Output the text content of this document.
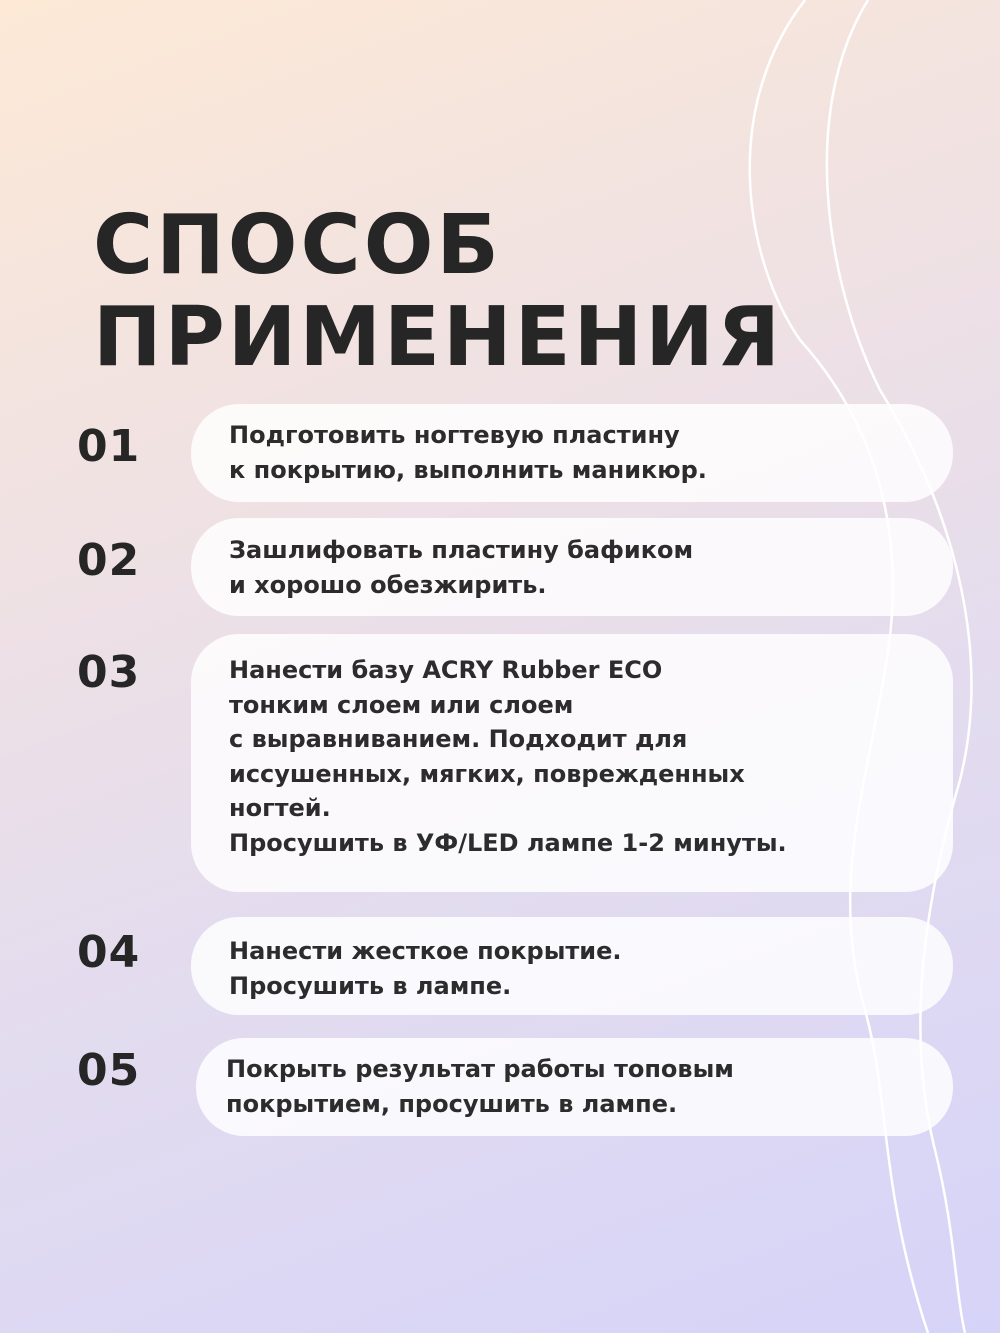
СПОСОБ
ПРИМЕНЕНИЯ
01	Подготовить ногтевую пластину
к покрытию, выполнить маникюр.
02	Зашлифовать пластину бафиком
и хорошо обезжирить.
03	Нанести базу ACRY Rubber ECO
тонким слоем или слоем
с выравниванием. Подходит для
иссушенных, мягких, поврежденных
ногтей.
Просушить в УФ/LED лампе 1-2 минуты.
04	Нанести жесткое покрытие.
Просушить в лампе.
05	Покрыть результат работы топовым
покрытием, просушить в лампе.
